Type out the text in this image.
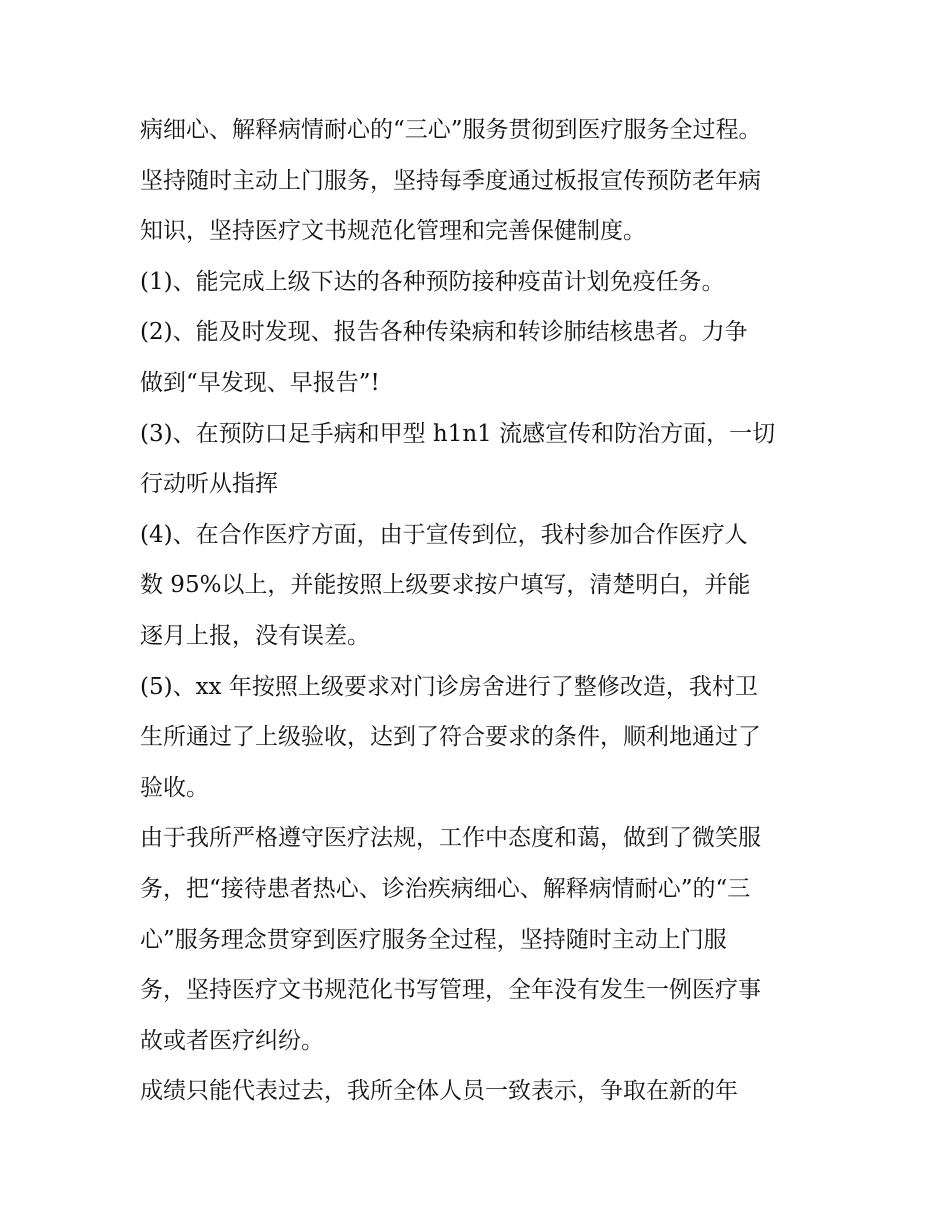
病细心、解释病情耐心的“三心”服务贯彻到医疗服务全过程。
坚持随时主动上门服务，坚持每季度通过板报宣传预防老年病
知识，坚持医疗文书规范化管理和完善保健制度。
(1)、能完成上级下达的各种预防接种疫苗计划免疫任务。
(2)、能及时发现、报告各种传染病和转诊肺结核患者。力争
做到“早发现、早报告”!
(3)、在预防口足手病和甲型 h1n1 流感宣传和防治方面，一切
行动听从指挥
(4)、在合作医疗方面，由于宣传到位，我村参加合作医疗人
数 95%以上，并能按照上级要求按户填写，清楚明白，并能
逐月上报，没有误差。
(5)、xx 年按照上级要求对门诊房舍进行了整修改造，我村卫
生所通过了上级验收，达到了符合要求的条件，顺利地通过了
验收。
由于我所严格遵守医疗法规，工作中态度和蔼，做到了微笑服
务，把“接待患者热心、诊治疾病细心、解释病情耐心”的“三
心”服务理念贯穿到医疗服务全过程，坚持随时主动上门服
务，坚持医疗文书规范化书写管理，全年没有发生一例医疗事
故或者医疗纠纷。
成绩只能代表过去，我所全体人员一致表示，争取在新的年
